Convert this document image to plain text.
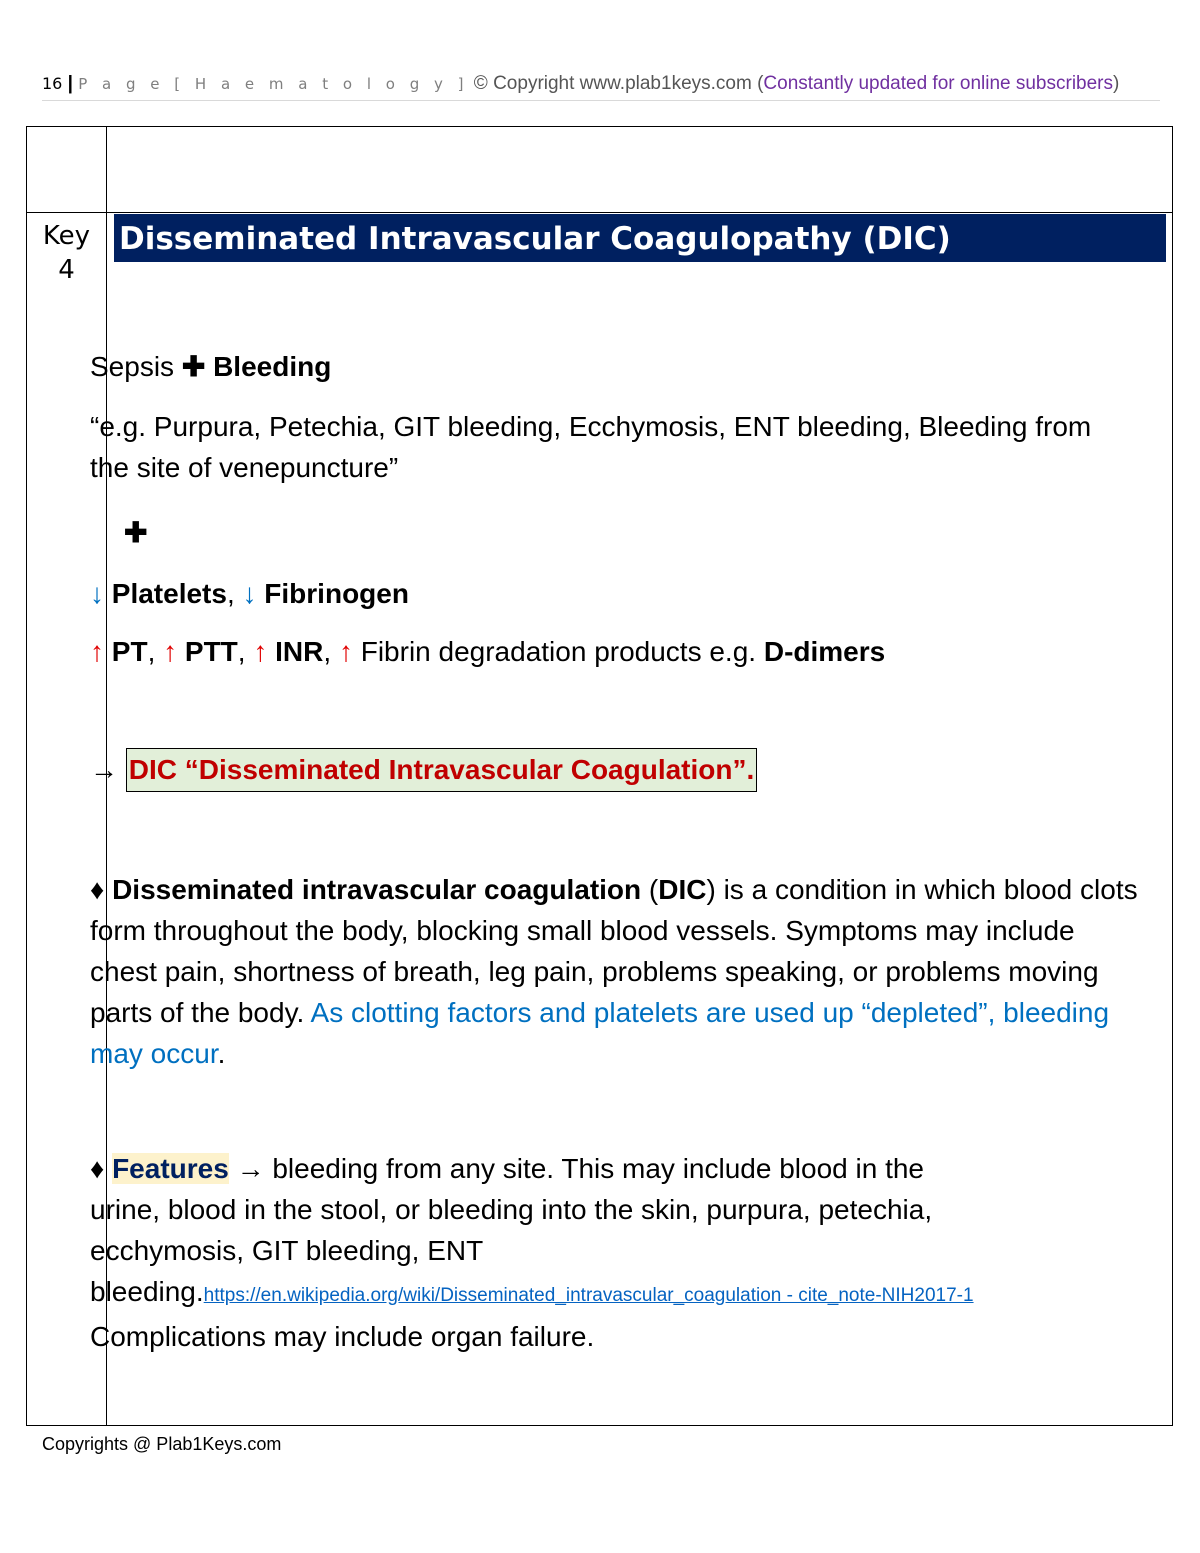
16 | P a g e [ H a e m a t o l o g y ] © Copyright www.plab1keys.com (Constantly updated for online subscribers)
Key
4
Disseminated Intravascular Coagulopathy (DIC)
Sepsis ✚ Bleeding
“e.g. Purpura, Petechia, GIT bleeding, Ecchymosis, ENT bleeding, Bleeding from the site of venepuncture”
✚
↓ Platelets, ↓ Fibrinogen
↑ PT, ↑ PTT, ↑ INR, ↑ Fibrin degradation products e.g. D-dimers
→ DIC “Disseminated Intravascular Coagulation”.
♦ Disseminated intravascular coagulation (DIC) is a condition in which blood clots form throughout the body, blocking small blood vessels. Symptoms may include chest pain, shortness of breath, leg pain, problems speaking, or problems moving parts of the body. As clotting factors and platelets are used up “depleted”, bleeding may occur.
♦ Features → bleeding from any site. This may include blood in the
urine, blood in the stool, or bleeding into the skin, purpura, petechia,
ecchymosis, GIT bleeding, ENT
bleeding.https://en.wikipedia.org/wiki/Disseminated_intravascular_coagulation - cite_note-NIH2017-1
Complications may include organ failure.
Copyrights @ Plab1Keys.com
